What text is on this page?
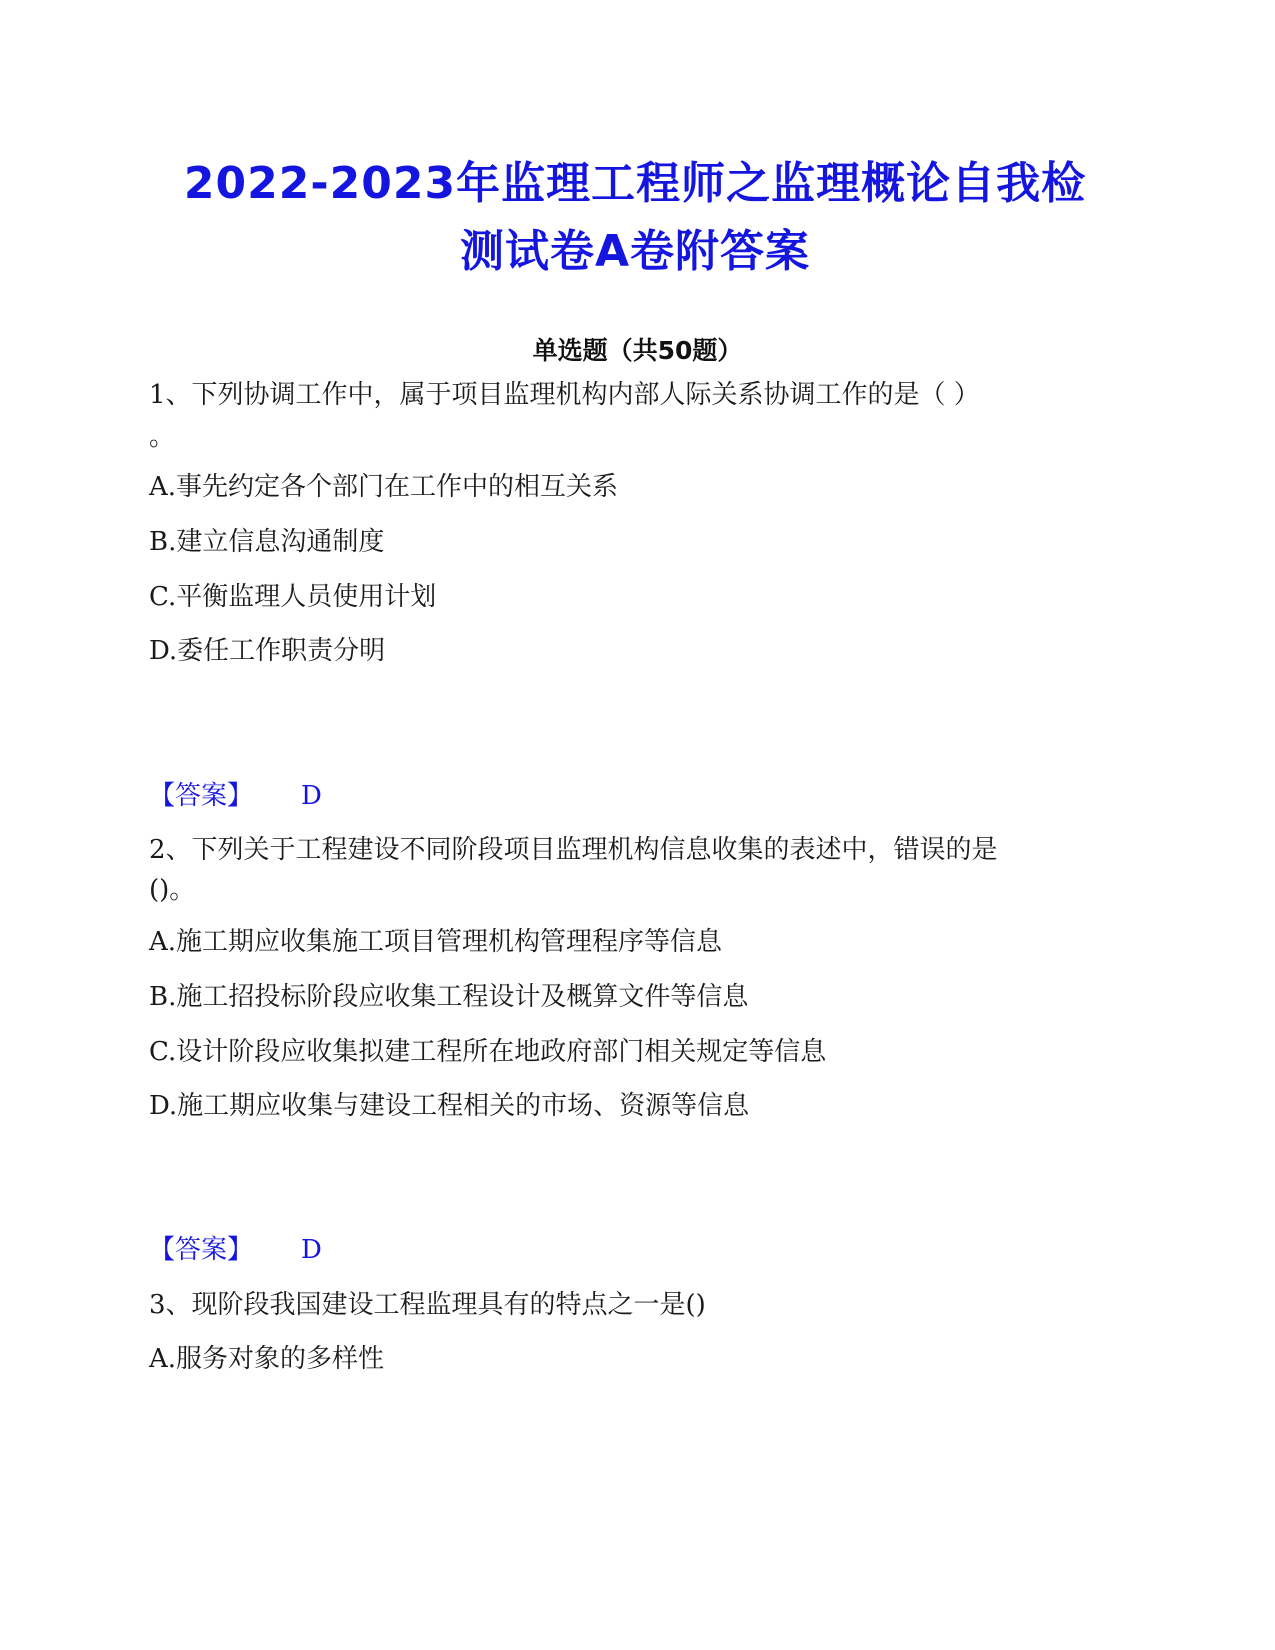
2022-2023年监理工程师之监理概论自我检
测试卷A卷附答案
单选题（共50题）
1、下列协调工作中，属于项目监理机构内部人际关系协调工作的是（ ）
。
A.事先约定各个部门在工作中的相互关系
B.建立信息沟通制度
C.平衡监理人员使用计划
D.委任工作职责分明
【答案】 D
2、下列关于工程建设不同阶段项目监理机构信息收集的表述中，错误的是
()。
A.施工期应收集施工项目管理机构管理程序等信息
B.施工招投标阶段应收集工程设计及概算文件等信息
C.设计阶段应收集拟建工程所在地政府部门相关规定等信息
D.施工期应收集与建设工程相关的市场、资源等信息
【答案】 D
3、现阶段我国建设工程监理具有的特点之一是()
A.服务对象的多样性
